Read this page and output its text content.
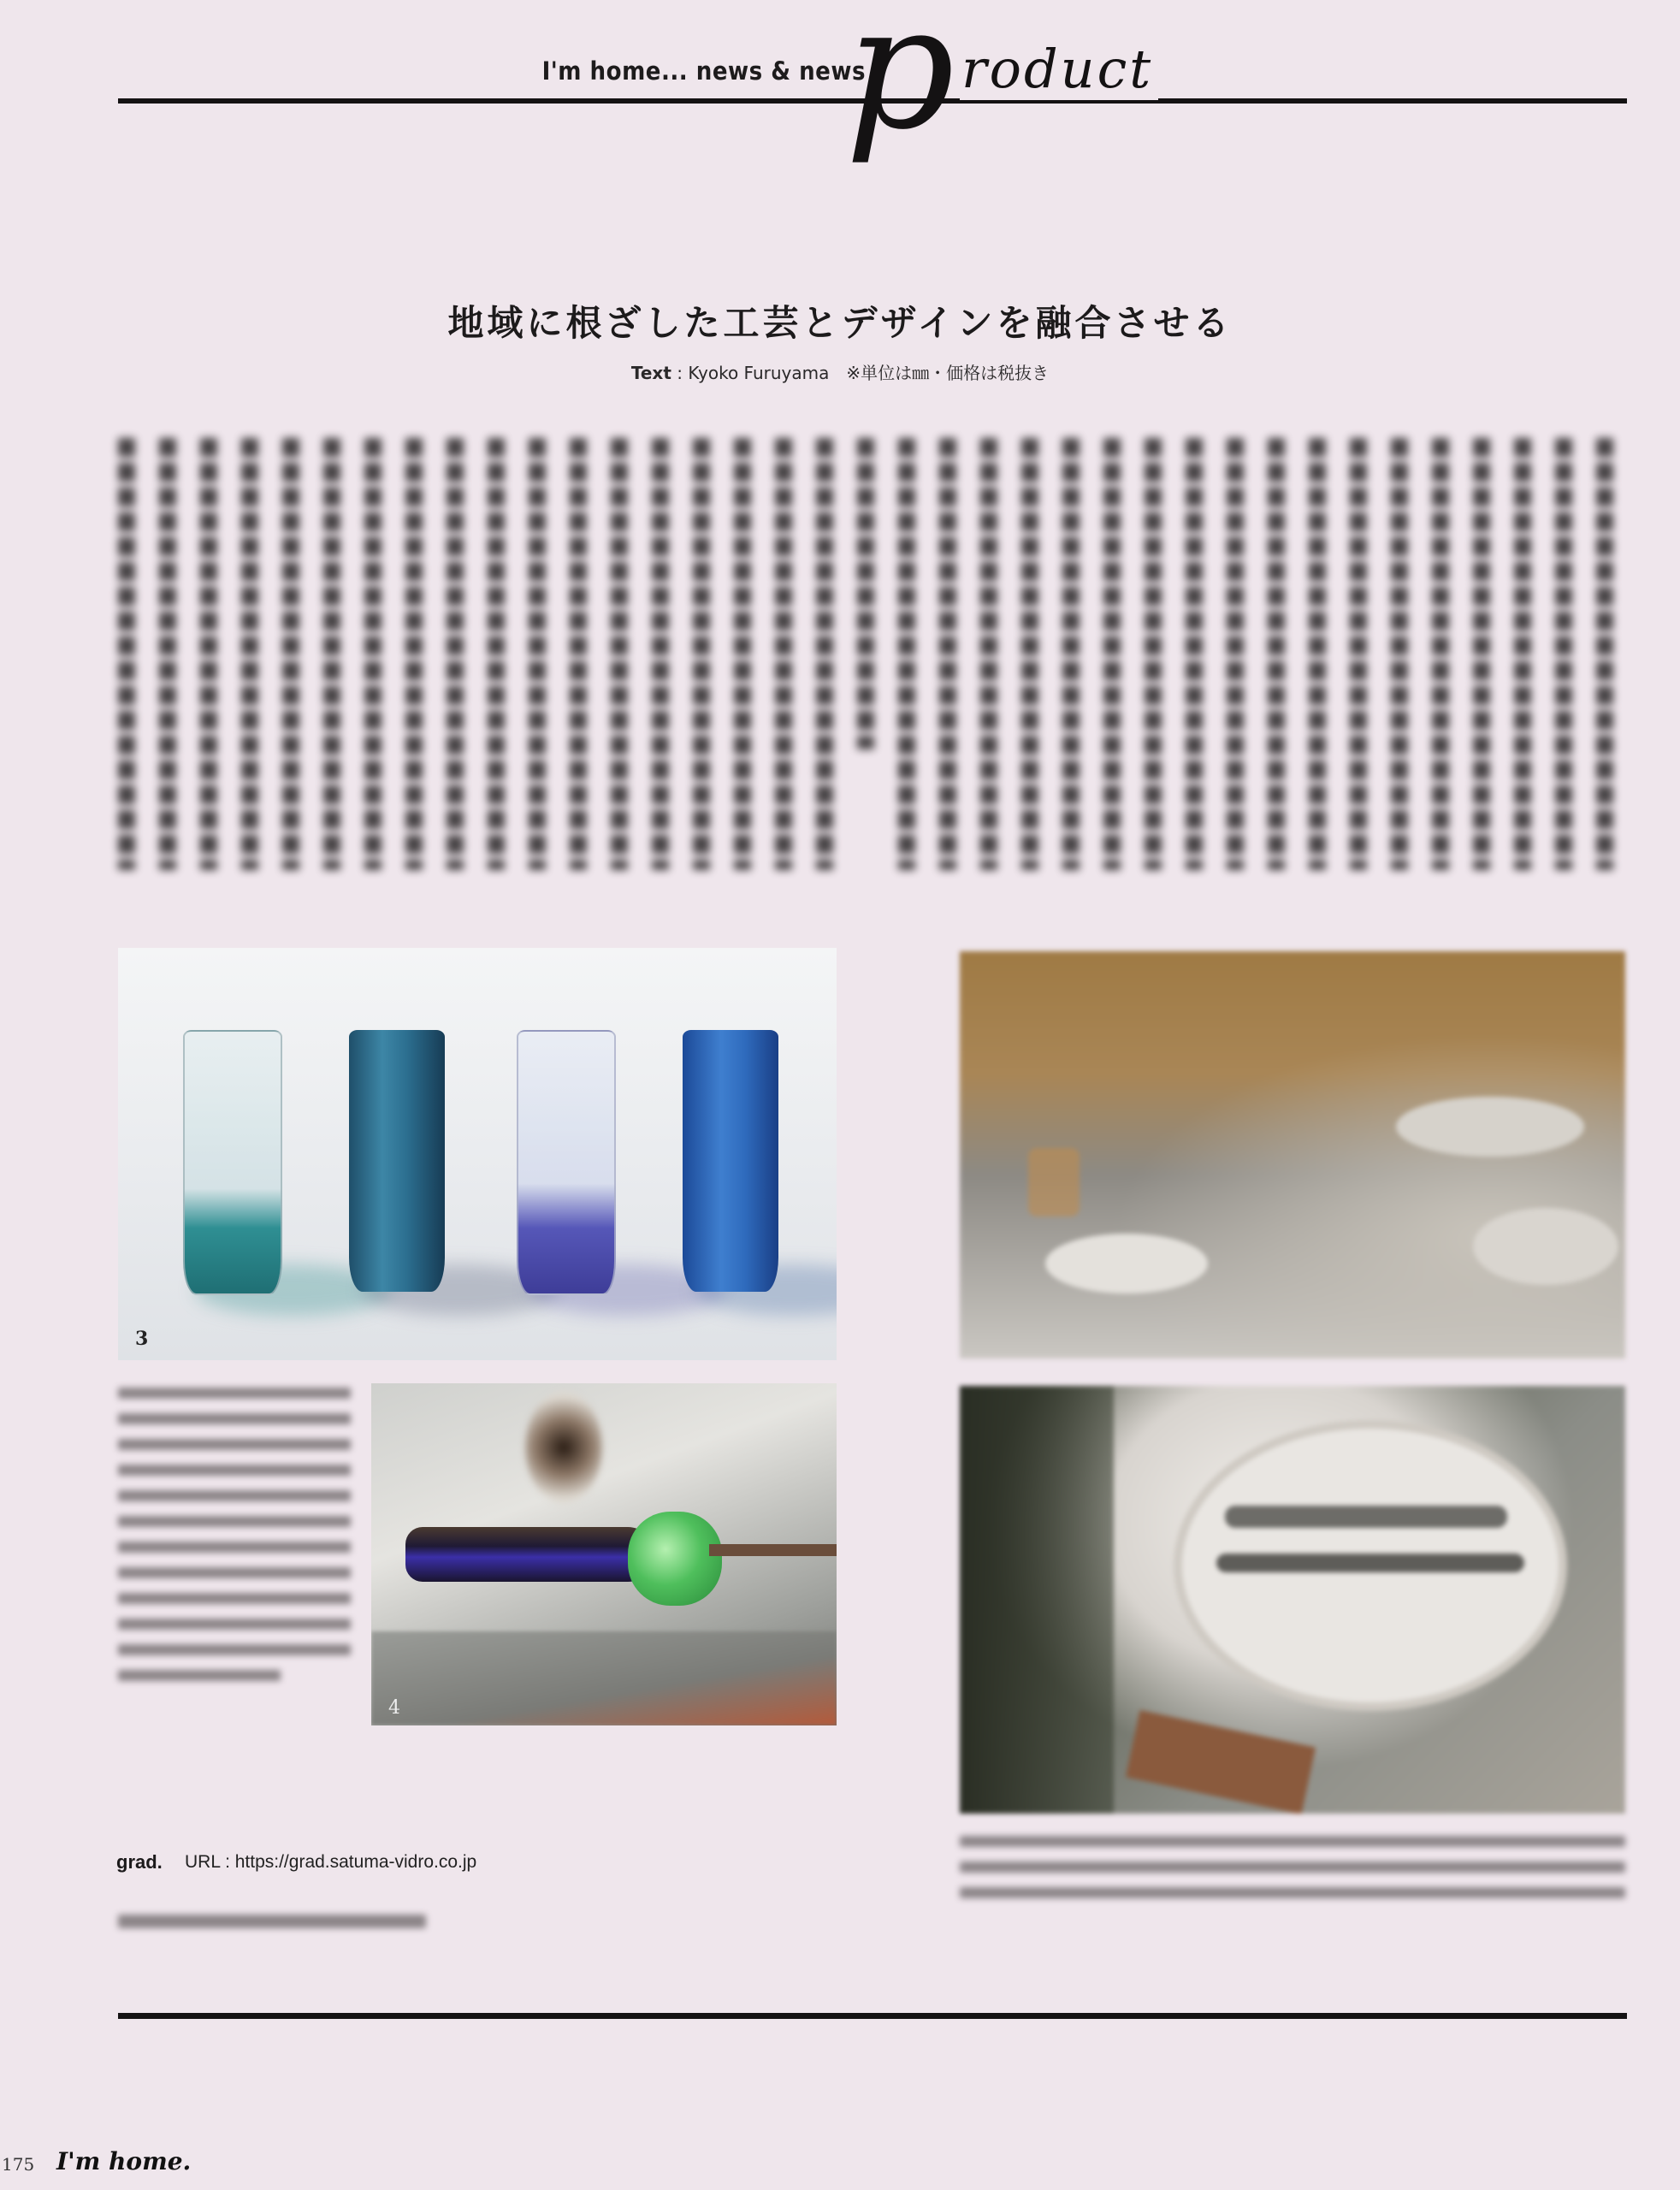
I'm home... news & news
p roduct
地域に根ざした工芸とデザインを融合させる
Text : Kyoko Furuyama　※単位は㎜・価格は税抜き
3
4
grad. URL : https://grad.satuma-vidro.co.jp
175 I'm home.
